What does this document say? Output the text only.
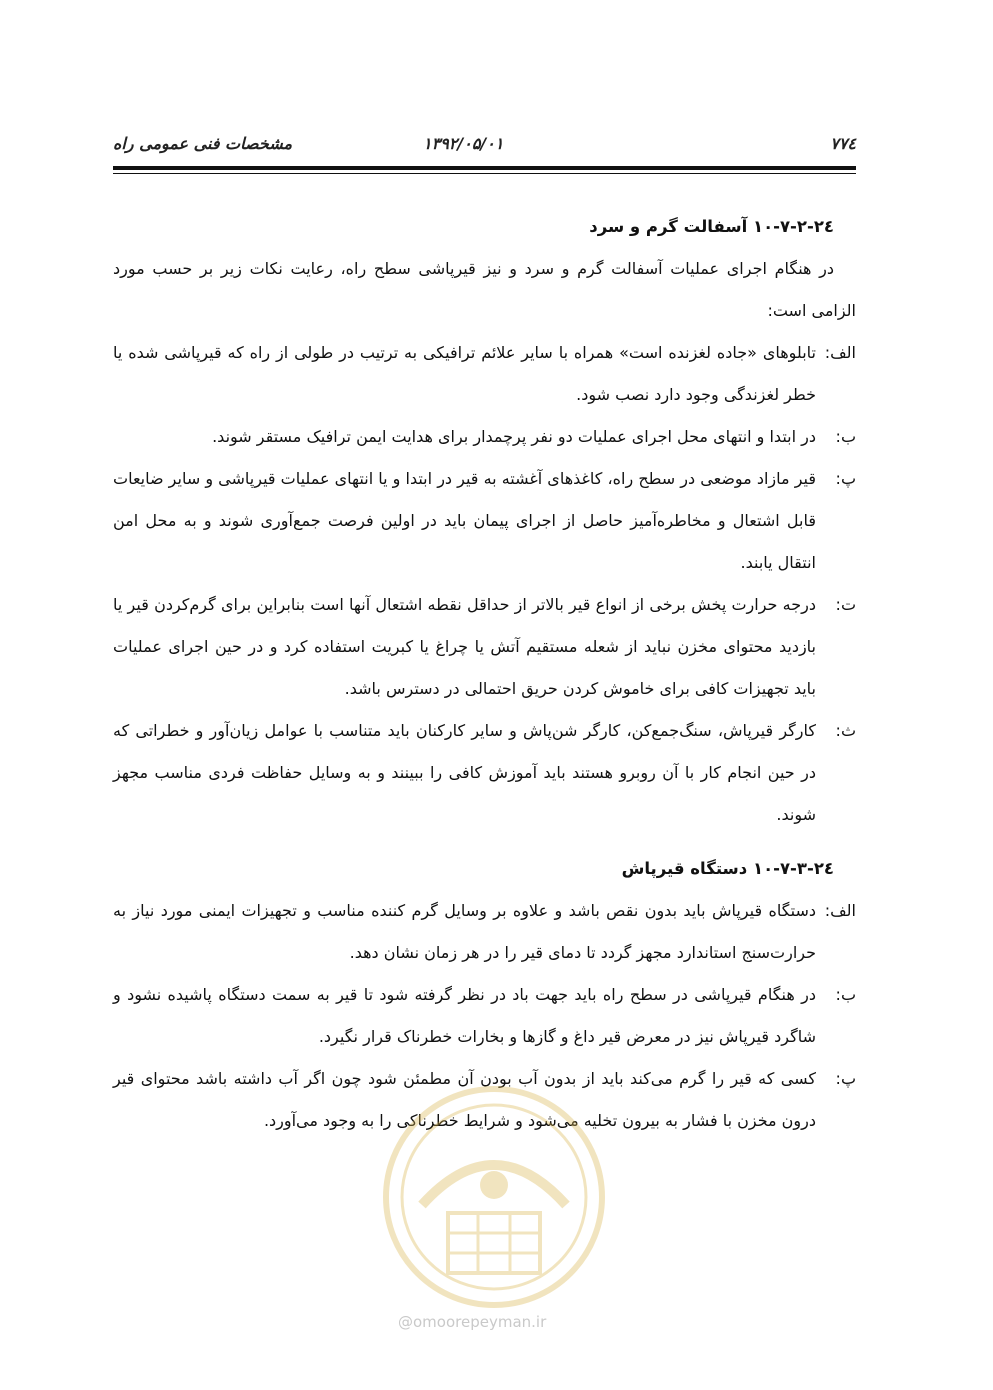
مشخصات فنی عمومی راه	۱۳۹۲/۰۵/۰۱	۷۷٤
۲٤-۱۰-۷-۲ آسفالت گرم و سرد

در هنگام اجرای عملیات آسفالت گرم و سرد و نیز قیرپاشی سطح راه، رعایت نکات زیر بر حسب مورد الزامی است:

الف:
تابلوهای «جاده لغزنده است» همراه با سایر علائم ترافیکی به ترتیب در طولی از راه که قیرپاشی شده یا خطر لغزندگی وجود دارد نصب شود.
ب:
در ابتدا و انتهای محل اجرای عملیات دو نفر پرچمدار برای هدایت ایمن ترافیک مستقر شوند.
پ:
قیر مازاد موضعی در سطح راه، کاغذهای آغشته به قیر در ابتدا و یا انتهای عملیات قیرپاشی و سایر ضایعات قابل اشتعال و مخاطره‌آمیز حاصل از اجرای پیمان باید در اولین فرصت جمع‌آوری شوند و به محل امن انتقال یابند.
ت:
درجه حرارت پخش برخی از انواع قیر بالاتر از حداقل نقطه اشتعال آنها است بنابراین برای گرم‌کردن قیر یا بازدید محتوای مخزن نباید از شعله مستقیم آتش یا چراغ یا کبریت استفاده کرد و در حین اجرای عملیات باید تجهیزات کافی برای خاموش کردن حریق احتمالی در دسترس باشد.
ث:
کارگر قیرپاش، سنگ‌جمع‌کن، کارگر شن‌پاش و سایر کارکنان باید متناسب با عوامل زیان‌آور و خطراتی که در حین انجام کار با آن روبرو هستند باید آموزش کافی را ببینند و به وسایل حفاظت فردی مناسب مجهز شوند.
۲٤-۱۰-۷-۳ دستگاه قیرپاش
الف:
دستگاه قیرپاش باید بدون نقص باشد و علاوه بر وسایل گرم کننده مناسب و تجهیزات ایمنی مورد نیاز به حرارت‌سنج استاندارد مجهز گردد تا دمای قیر را در هر زمان نشان دهد.
ب:
در هنگام قیرپاشی در سطح راه باید جهت باد در نظر گرفته شود تا قیر به سمت دستگاه پاشیده نشود و شاگرد قیرپاش نیز در معرض قیر داغ و گازها و بخارات خطرناک قرار نگیرد.
پ:
کسی که قیر را گرم می‌کند باید از بدون آب بودن آن مطمئن شود چون اگر آب داشته باشد محتوای قیر درون مخزن با فشار به بیرون تخلیه می‌شود و شرایط خطرناکی را به وجود می‌آورد.
@omoorepeyman.ir
